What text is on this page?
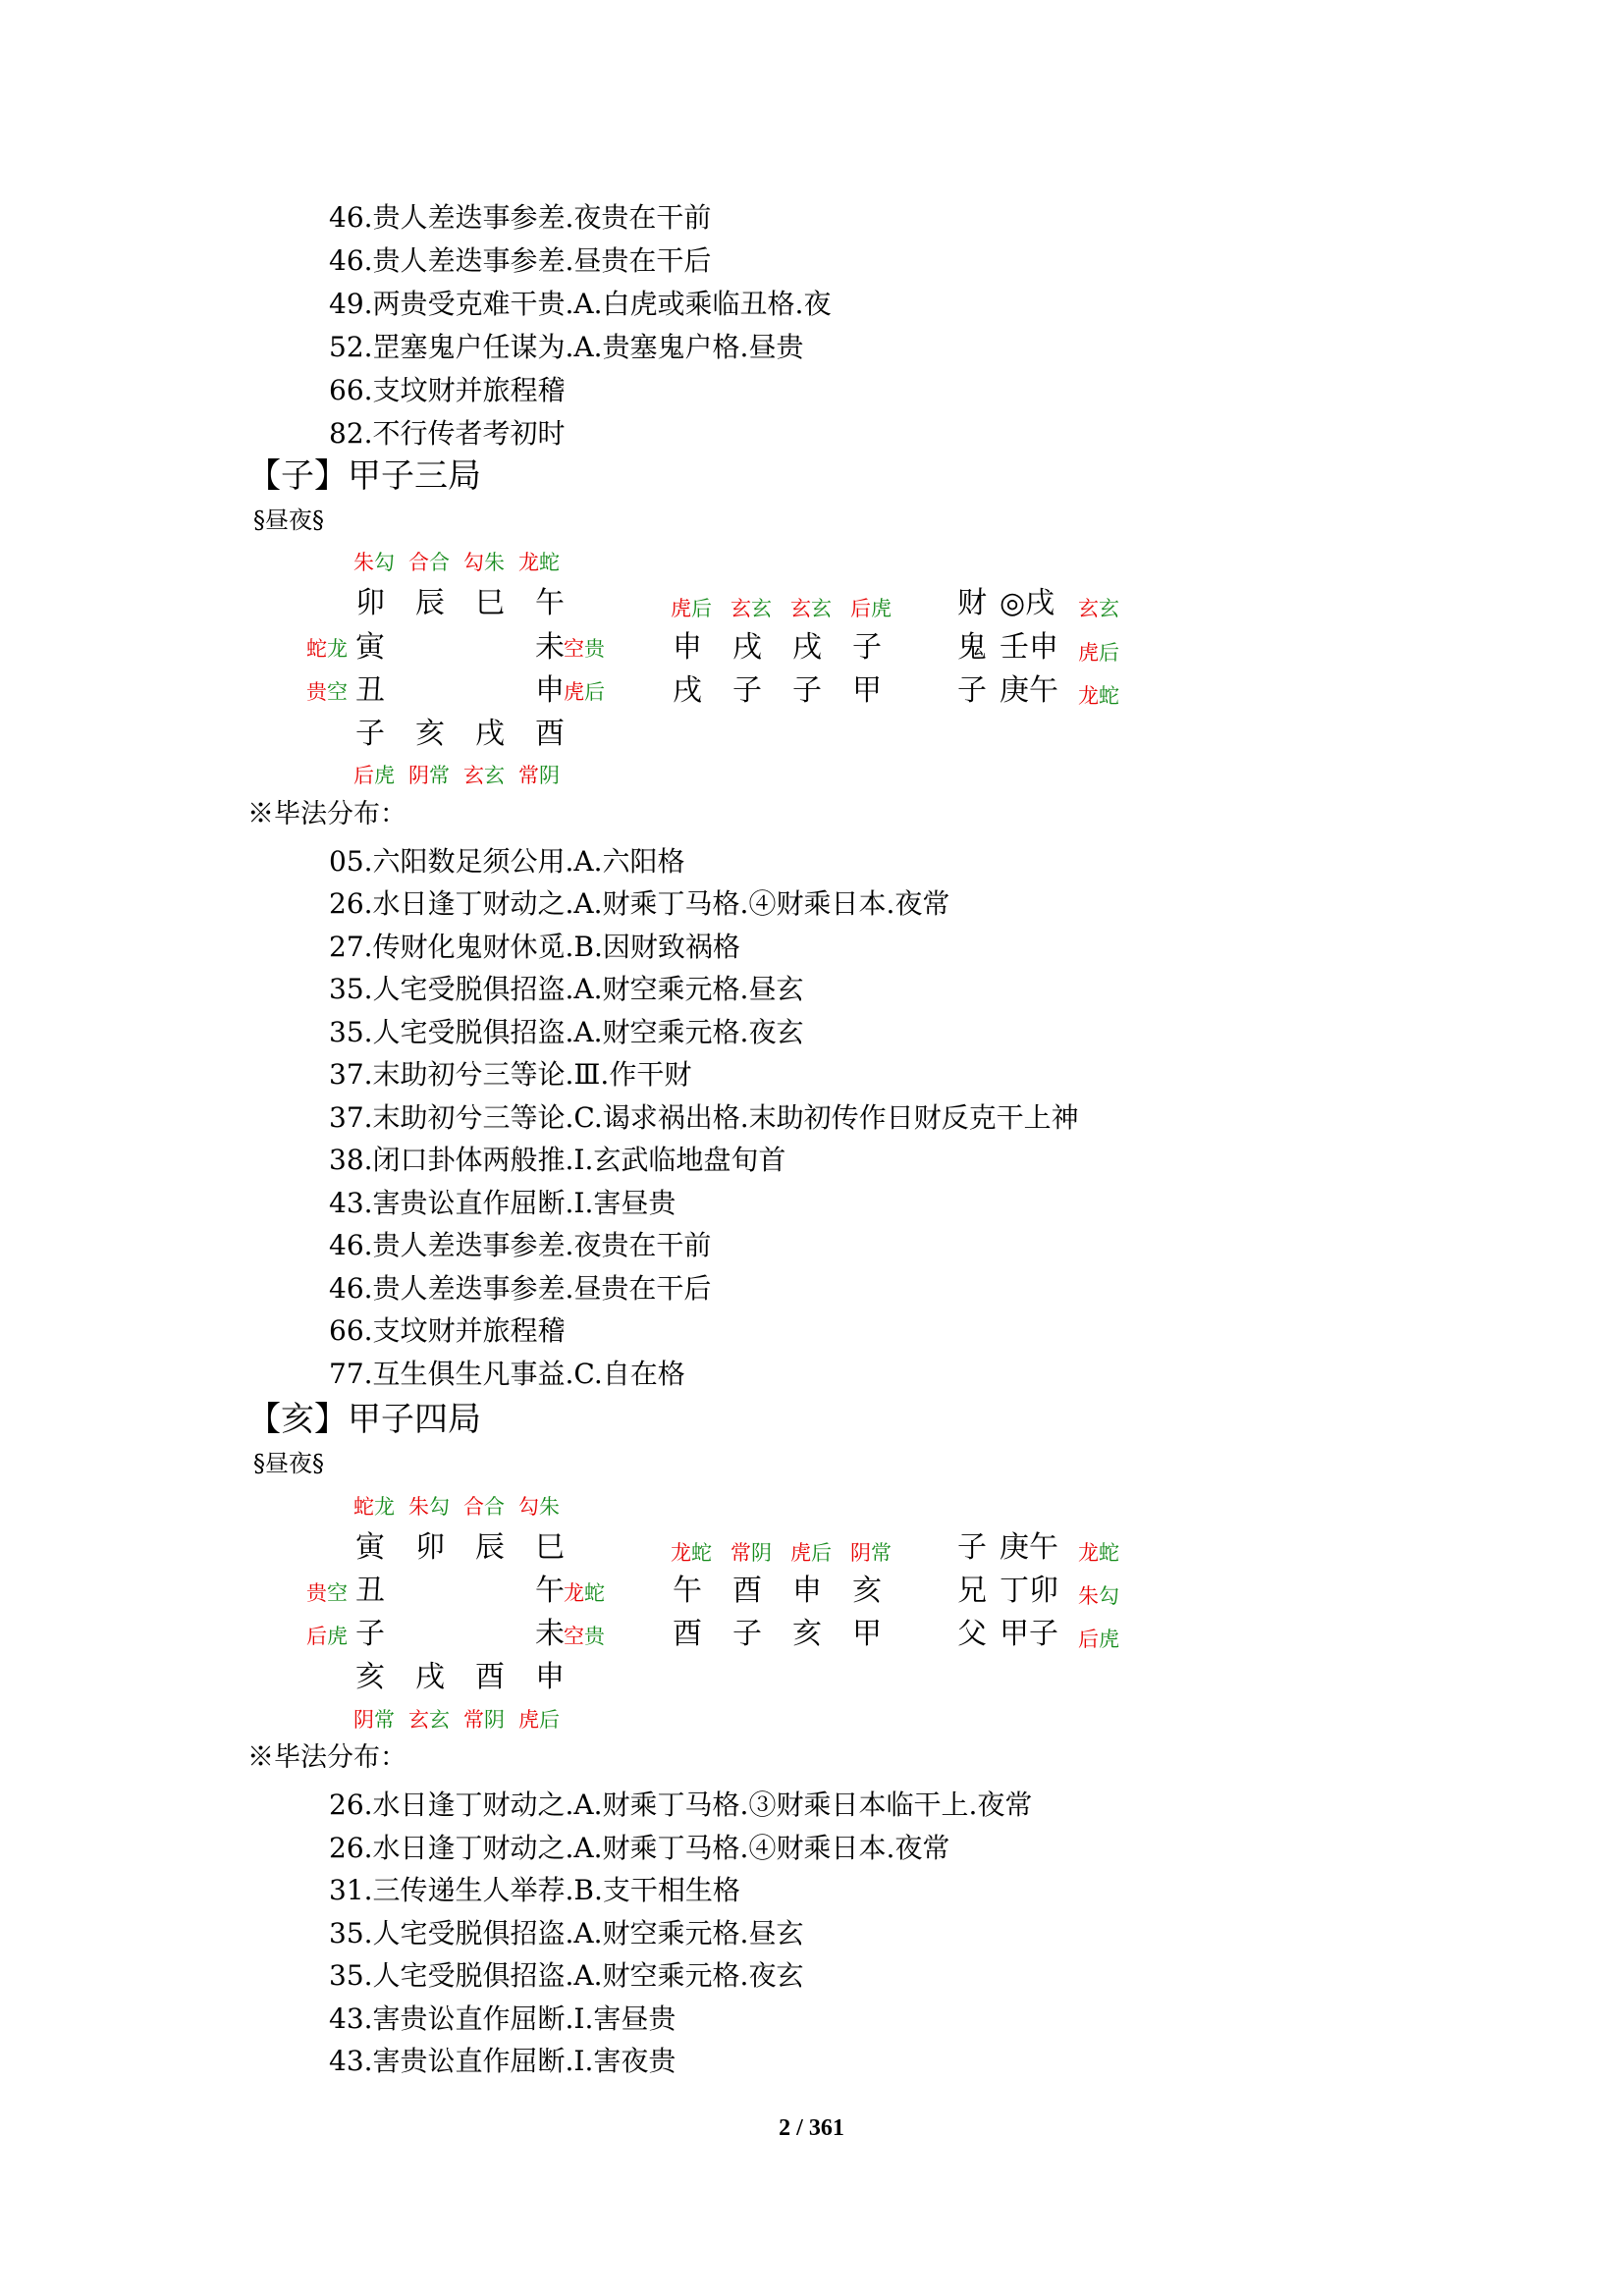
46.贵人差迭事参差.夜贵在干前
46.贵人差迭事参差.昼贵在干后
49.两贵受克难干贵.A.白虎或乘临丑格.夜
52.罡塞鬼户任谋为.A.贵塞鬼户格.昼贵
66.支坟财并旅程稽
82.不行传者考初时
【子】甲子三局
§昼夜§
朱勾 合合 勾朱 龙蛇
卯 辰 巳 午
蛇龙 寅	未 空贵
贵空 丑	申 虎后
子 亥 戌 酉
后虎 阴常 玄玄 常阴
虎后 玄玄 玄玄 后虎
申 戌 戌 子
戌 子 子 甲
财 ◎戌 玄玄
鬼 壬申 虎后
子 庚午 龙蛇
※毕法分布：
05.六阳数足须公用.A.六阳格
26.水日逢丁财动之.A.财乘丁马格.④财乘日本.夜常
27.传财化鬼财休觅.B.因财致祸格
35.人宅受脱俱招盗.A.财空乘元格.昼玄
35.人宅受脱俱招盗.A.财空乘元格.夜玄
37.末助初兮三等论.Ⅲ.作干财
37.末助初兮三等论.C.谒求祸出格.末助初传作日财反克干上神
38.闭口卦体两般推.Ⅰ.玄武临地盘旬首
43.害贵讼直作屈断.Ⅰ.害昼贵
46.贵人差迭事参差.夜贵在干前
46.贵人差迭事参差.昼贵在干后
66.支坟财并旅程稽
77.互生俱生凡事益.C.自在格
【亥】甲子四局
§昼夜§
蛇龙 朱勾 合合 勾朱
寅 卯 辰 巳
贵空 丑	午 龙蛇
后虎 子	未 空贵
亥 戌 酉 申
阴常 玄玄 常阴 虎后
龙蛇 常阴 虎后 阴常
午 酉 申 亥
酉 子 亥 甲
子 庚午 龙蛇
兄 丁卯 朱勾
父 甲子 后虎
※毕法分布：
26.水日逢丁财动之.A.财乘丁马格.③财乘日本临干上.夜常
26.水日逢丁财动之.A.财乘丁马格.④财乘日本.夜常
31.三传递生人举荐.B.支干相生格
35.人宅受脱俱招盗.A.财空乘元格.昼玄
35.人宅受脱俱招盗.A.财空乘元格.夜玄
43.害贵讼直作屈断.Ⅰ.害昼贵
43.害贵讼直作屈断.Ⅰ.害夜贵
2 / 361
